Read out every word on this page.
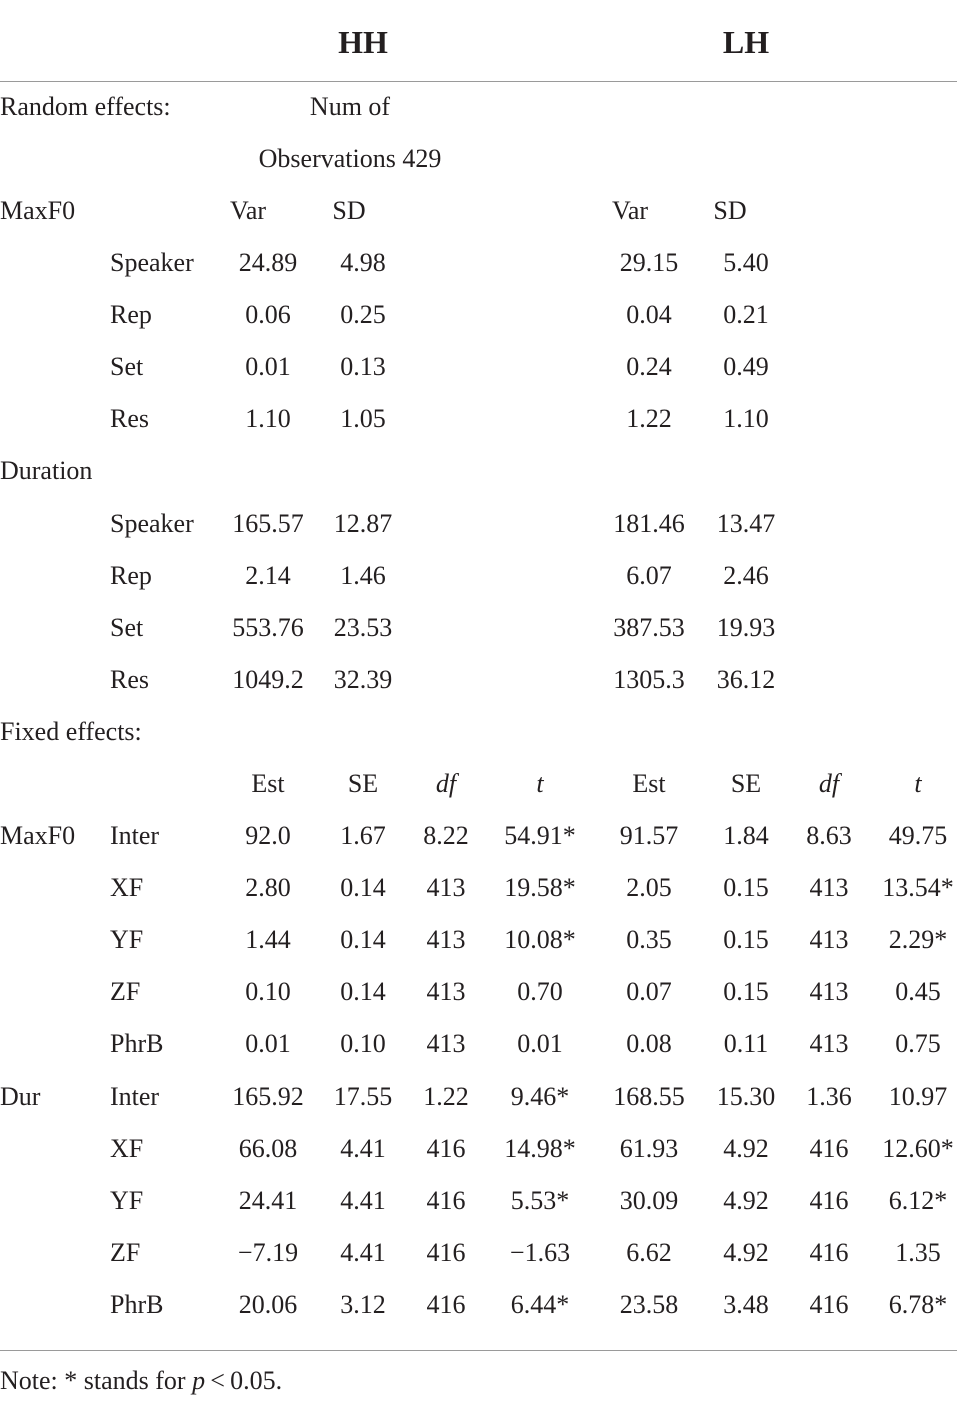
HH	LH
Random effects:	Num of
Observations 429
MaxF0	Var	SD	Var	SD
Speaker 24.89 4.98	29.15 5.40
Rep	0.06 0.25	0.04 0.21
Set	0.01 0.13	0.24 0.49
Res	1.10 1.05	1.22 1.10
Duration
Speaker 165.57 12.87	181.46 13.47
Rep	2.14 1.46	6.07 2.46
Set	553.76 23.53	387.53 19.93
Res	1049.2 32.39	1305.3 36.12
Fixed effects:
Est SE df	t	Est	SE df	t
MaxF0 Inter	92.0 1.67 8.22 54.91* 91.57 1.84 8.63 49.75
XF	2.80 0.14 413 19.58* 2.05 0.15 413 13.54*
YF	1.44 0.14 413 10.08* 0.35 0.15 413 2.29*
ZF	0.10 0.14 413 0.70 0.07 0.15 413 0.45
PhrB	0.01 0.10 413 0.01 0.08 0.11 413 0.75
Dur	Inter	165.92 17.55 1.22 9.46* 168.55 15.30 1.36 10.97
XF	66.08 4.41 416 14.98* 61.93 4.92 416 12.60*
YF	24.41 4.41 416 5.53* 30.09 4.92 416 6.12*
ZF	−7.19 4.41 416 −1.63 6.62 4.92 416 1.35
PhrB	20.06 3.12 416 6.44* 23.58 3.48 416 6.78*
Note: * stands for p < 0.05.
